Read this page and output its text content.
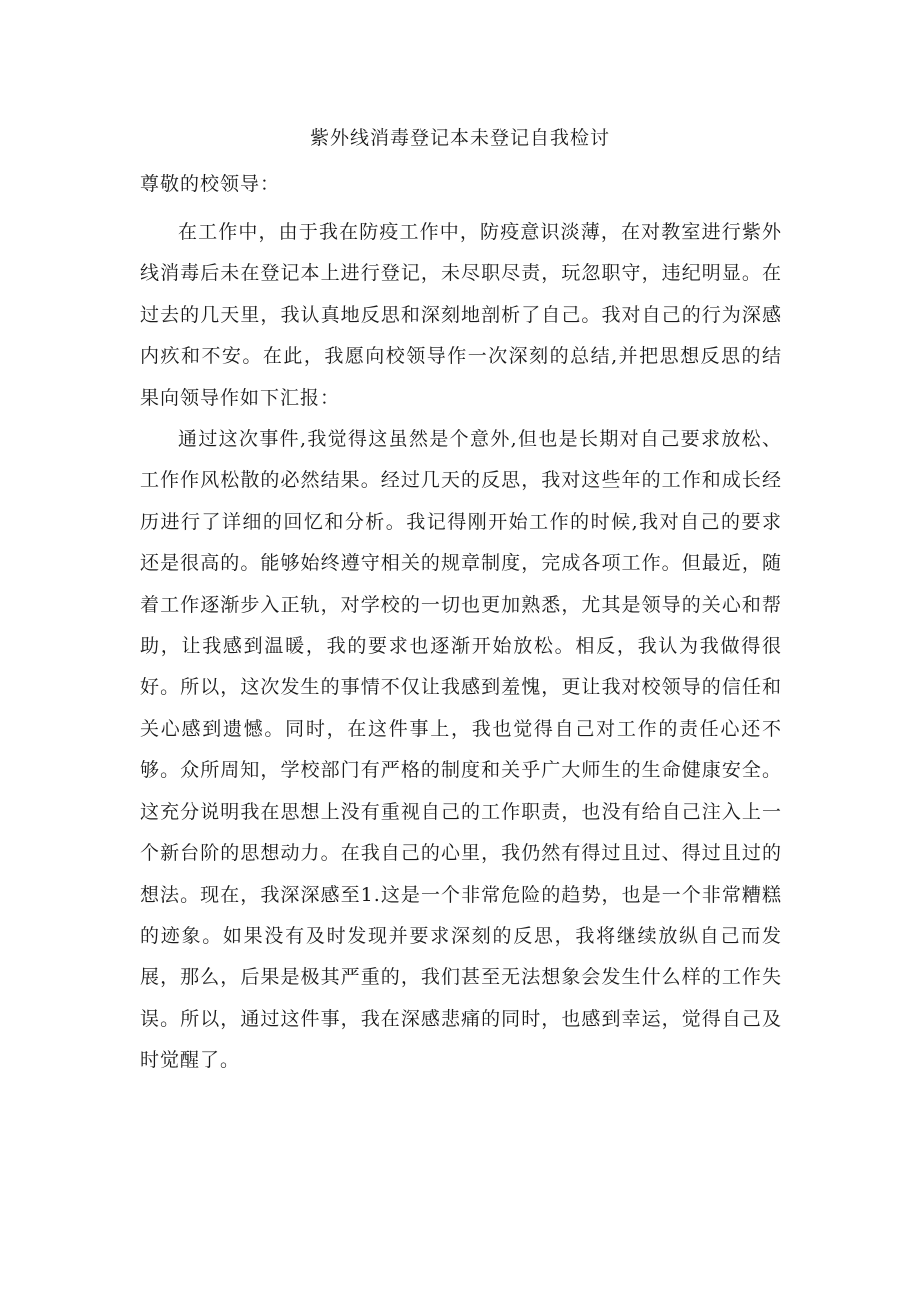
紫外线消毒登记本未登记自我检讨
尊敬的校领导：

在工作中，由于我在防疫工作中，防疫意识淡薄，在对教室进行紫外线消毒后未在登记本上进行登记，未尽职尽责，玩忽职守，违纪明显。在过去的几天里，我认真地反思和深刻地剖析了自己。我对自己的行为深感内疚和不安。在此，我愿向校领导作一次深刻的总结,并把思想反思的结果向领导作如下汇报：

通过这次事件,我觉得这虽然是个意外,但也是长期对自己要求放松、工作作风松散的必然结果。经过几天的反思，我对这些年的工作和成长经历进行了详细的回忆和分析。我记得刚开始工作的时候,我对自己的要求还是很高的。能够始终遵守相关的规章制度，完成各项工作。但最近，随着工作逐渐步入正轨，对学校的一切也更加熟悉，尤其是领导的关心和帮助，让我感到温暖，我的要求也逐渐开始放松。相反，我认为我做得很好。所以，这次发生的事情不仅让我感到羞愧，更让我对校领导的信任和关心感到遗憾。同时，在这件事上，我也觉得自己对工作的责任心还不够。众所周知，学校部门有严格的制度和关乎广大师生的生命健康安全。这充分说明我在思想上没有重视自己的工作职责，也没有给自己注入上一个新台阶的思想动力。在我自己的心里，我仍然有得过且过、得过且过的想法。现在，我深深感至1.这是一个非常危险的趋势，也是一个非常糟糕的迹象。如果没有及时发现并要求深刻的反思，我将继续放纵自己而发展，那么，后果是极其严重的，我们甚至无法想象会发生什么样的工作失误。所以，通过这件事，我在深感悲痛的同时，也感到幸运，觉得自己及时觉醒了。
